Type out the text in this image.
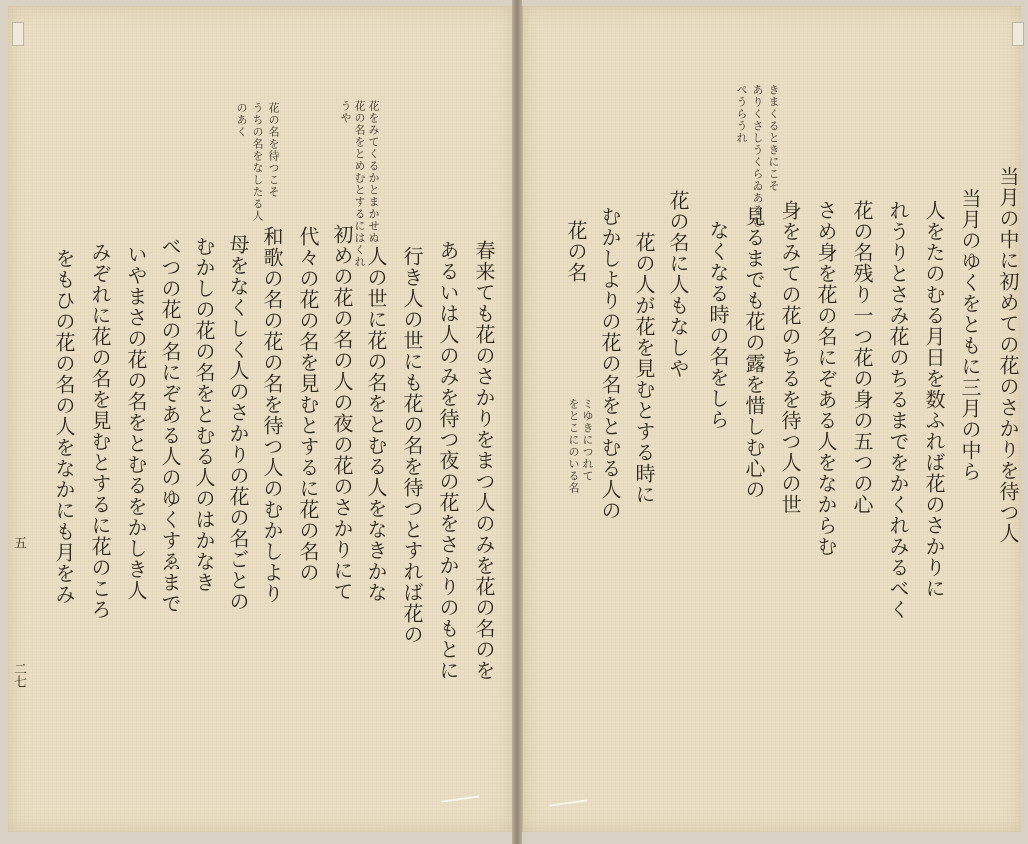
五
二七
きまくるときにこそ
ありくさしうくらゐあるむ
ぺうらうれ
当月の中に初めての花のさかりを待つ人
当月のゆくをともに三月の中ら
人をたのむる月日を数ふれば花のさかりに
れうりとさみ花のちるまでをかくれみるべく
花の名残り一つ花の身の五つの心
さめ身を花の名にぞある人をなからむ
身をみての花のちるを待つ人の世
見るまでも花の露を惜しむ心の
なくなる時の名をしら
花の名に人もなしや
花の人が花を見むとする時に
むかしよりの花の名をとむる人の
花の名
ミゆきにつれて
をとこにのいる名
花をみてくるかとまかせぬ
花の名をとめむとするにはくれ
うや
花の名を待つこそ
うちの名をなしたる人
のあく
春来ても花のさかりをまつ人のみを花の名のを
あるいは人のみを待つ夜の花をさかりのもとに
行き人の世にも花の名を待つとすれば花の
人の世に花の名をとむる人をなきかな
初めの花の名の人の夜の花のさかりにて
代々の花の名を見むとするに花の名の
和歌の名の花の名を待つ人のむかしより
母をなくしく人のさかりの花の名ごとの
むかしの花の名をとむる人のはかなき
べつの花の名にぞある人のゆくすゑまで
いやまさの花の名をとむるをかしき人
みぞれに花の名を見むとするに花のころ
をもひの花の名の人をなかにも月をみ
